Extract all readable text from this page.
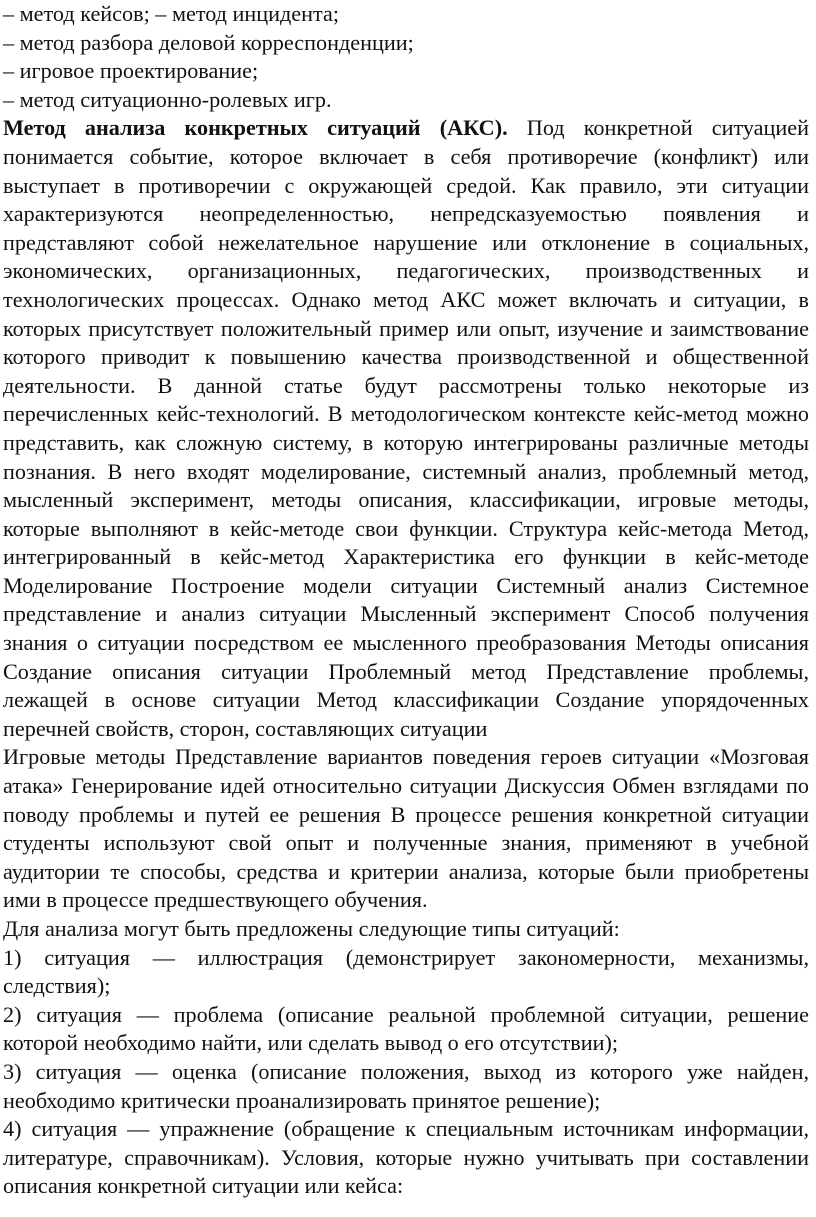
– метод кейсов; – метод инцидента;

– метод разбора деловой корреспонденции;

– игровое проектирование;

– метод ситуационно-ролевых игр.

Метод анализа конкретных ситуаций (АКС). Под конкретной ситуацией понимается событие, которое включает в себя противоречие (конфликт) или выступает в противоречии с окружающей средой. Как правило, эти ситуации характеризуются неопределенностью, непредсказуемостью появления и представляют собой нежелательное нарушение или отклонение в социальных, экономических, организационных, педагогических, производственных и технологических процессах. Однако метод АКС может включать и ситуации, в которых присутствует положительный пример или опыт, изучение и заимствование которого приводит к повышению качества производственной и общественной деятельности. В данной статье будут рассмотрены только некоторые из перечисленных кейс-технологий. В методологическом контексте кейс-метод можно представить, как сложную систему, в которую интегрированы различные методы познания. В него входят моделирование, системный анализ, проблемный метод, мысленный эксперимент, методы описания, классификации, игровые методы, которые выполняют в кейс-методе свои функции. Структура кейс-метода Метод, интегрированный в кейс-метод Характеристика его функции в кейс-методе Моделирование Построение модели ситуации Системный анализ Системное представление и анализ ситуации Мысленный эксперимент Способ получения знания о ситуации посредством ее мысленного преобразования Методы описания Создание описания ситуации Проблемный метод Представление проблемы, лежащей в основе ситуации Метод классификации Создание упорядоченных перечней свойств, сторон, составляющих ситуации

Игровые методы Представление вариантов поведения героев ситуации «Мозговая атака» Генерирование идей относительно ситуации Дискуссия Обмен взглядами по поводу проблемы и путей ее решения В процессе решения конкретной ситуации студенты используют свой опыт и полученные знания, применяют в учебной аудитории те способы, средства и критерии анализа, которые были приобретены ими в процессе предшествующего обучения.

Для анализа могут быть предложены следующие типы ситуаций:

1) ситуация — иллюстрация (демонстрирует закономерности, механизмы, следствия);

2) ситуация — проблема (описание реальной проблемной ситуации, решение которой необходимо найти, или сделать вывод о его отсутствии);

3) ситуация — оценка (описание положения, выход из которого уже найден, необходимо критически проанализировать принятое решение);

4) ситуация — упражнение (обращение к специальным источникам информации, литературе, справочникам). Условия, которые нужно учитывать при составлении описания конкретной ситуации или кейса:
